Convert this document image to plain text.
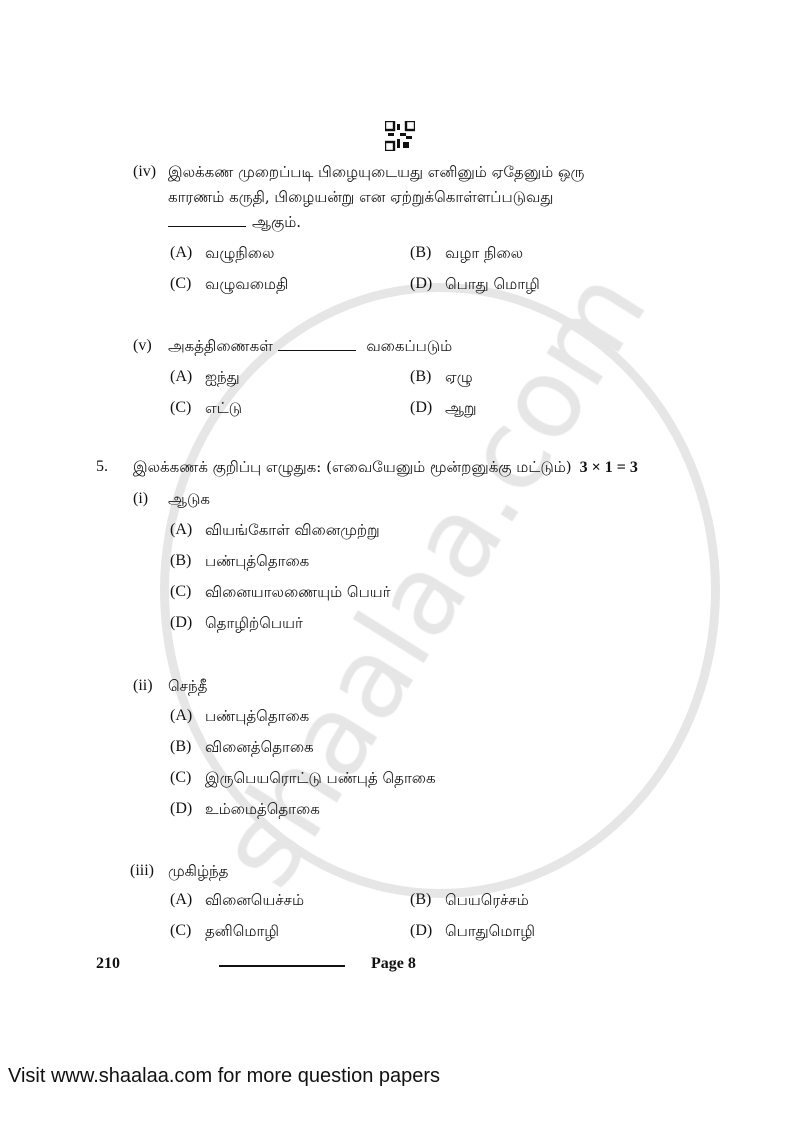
(iv) இலக்கண முறைப்படி பிழையுடையது எனினும் ஏதேனும் ஒரு
காரணம் கருதி, பிழையன்று என ஏற்றுக்கொள்ளப்படுவது
ஆகும்.
(A) வழுநிலை	(B) வழா நிலை
(C) வழுவமைதி	(D) பொது மொழி
(v) அகத்திணைகள்	வகைப்படும்
(A) ஐந்து	(B) ஏழு
(C) எட்டு	(D) ஆறு
5. இலக்கணக் குறிப்பு எழுதுக: (எவையேனும் மூன்றனுக்கு மட்டும்) 3 × 1 = 3
(i) ஆடுக
(A) வியங்கோள் வினைமுற்று
(B) பண்புத்தொகை
(C) வினையாலணையும் பெயர்
(D) தொழிற்பெயர்
(ii) செந்தீ
(A) பண்புத்தொகை
(B) வினைத்தொகை
(C) இருபெயரொட்டு பண்புத் தொகை
(D) உம்மைத்தொகை
(iii) முகிழ்ந்த
(A) வினையெச்சம்	(B) பெயரெச்சம்
(C) தனிமொழி	(D) பொதுமொழி
210	Page 8
Visit www.shaalaa.com for more question papers
